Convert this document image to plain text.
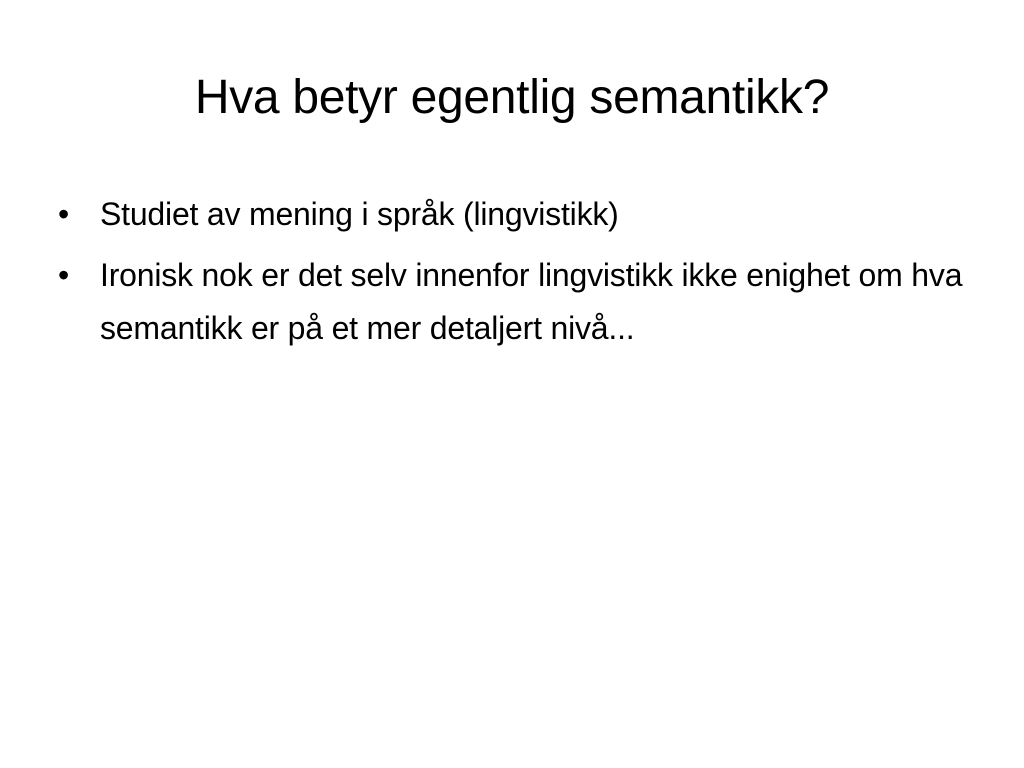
Hva betyr egentlig semantikk?
• Studiet av mening i språk (lingvistikk)
• Ironisk nok er det selv innenfor lingvistikk ikke enighet om hva semantikk er på et mer detaljert nivå...
